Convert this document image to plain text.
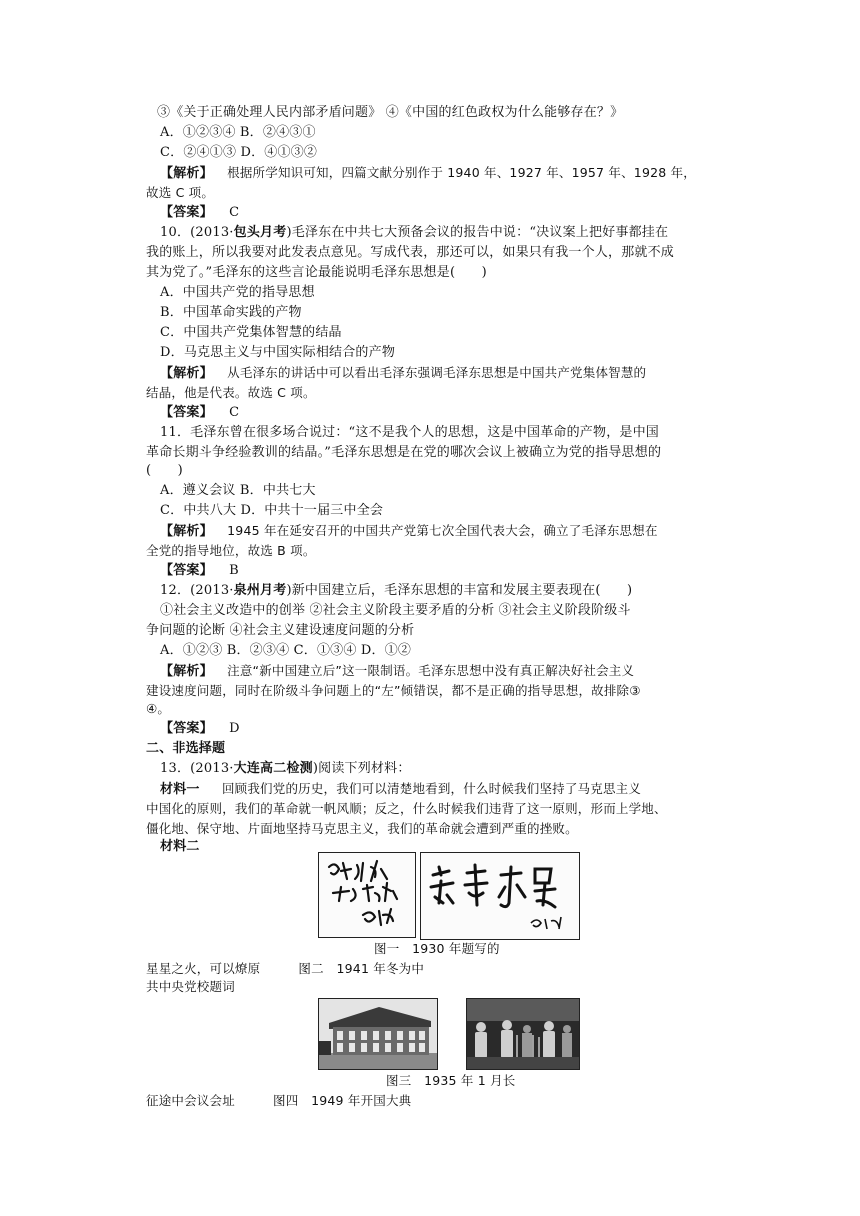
③《关于正确处理人民内部矛盾问题》 ④《中国的红色政权为什么能够存在？》
A．①②③④ B．②④③①
C．②④①③ D．④①③②
【解析】 根据所学知识可知，四篇文献分别作于 1940 年、1927 年、1957 年、1928 年，
故选 C 项。
【答案】 C
10．(2013·包头月考)毛泽东在中共七大预备会议的报告中说：“决议案上把好事都挂在
我的账上，所以我要对此发表点意见。写成代表，那还可以，如果只有我一个人，那就不成
其为党了。”毛泽东的这些言论最能说明毛泽东思想是(　　)
A．中国共产党的指导思想
B．中国革命实践的产物
C．中国共产党集体智慧的结晶
D．马克思主义与中国实际相结合的产物
【解析】 从毛泽东的讲话中可以看出毛泽东强调毛泽东思想是中国共产党集体智慧的
结晶，他是代表。故选 C 项。
【答案】 C
11．毛泽东曾在很多场合说过：“这不是我个人的思想，这是中国革命的产物，是中国
革命长期斗争经验教训的结晶。”毛泽东思想是在党的哪次会议上被确立为党的指导思想的
(　　)
A．遵义会议 B．中共七大
C．中共八大 D．中共十一届三中全会
【解析】 1945 年在延安召开的中国共产党第七次全国代表大会，确立了毛泽东思想在
全党的指导地位，故选 B 项。
【答案】 B
12．(2013·泉州月考)新中国建立后，毛泽东思想的丰富和发展主要表现在(　　)
①社会主义改造中的创举 ②社会主义阶段主要矛盾的分析 ③社会主义阶段阶级斗
争问题的论断 ④社会主义建设速度问题的分析
A．①②③ B．②③④ C．①③④ D．①②
【解析】 注意“新中国建立后”这一限制语。毛泽东思想中没有真正解决好社会主义
建设速度问题，同时在阶级斗争问题上的“左”倾错误，都不是正确的指导思想，故排除③
④。
【答案】 D
二、非选择题
13．(2013·大连高二检测)阅读下列材料：
材料一 回顾我们党的历史，我们可以清楚地看到，什么时候我们坚持了马克思主义
中国化的原则，我们的革命就一帆风顺；反之，什么时候我们违背了这一原则，形而上学地、
僵化地、保守地、片面地坚持马克思主义，我们的革命就会遭到严重的挫败。
材料二
图一　1930 年题写的
星星之火，可以燎原　　　图二　1941 年冬为中
共中央党校题词
图三　1935 年 1 月长
征途中会议会址　　　图四　1949 年开国大典
